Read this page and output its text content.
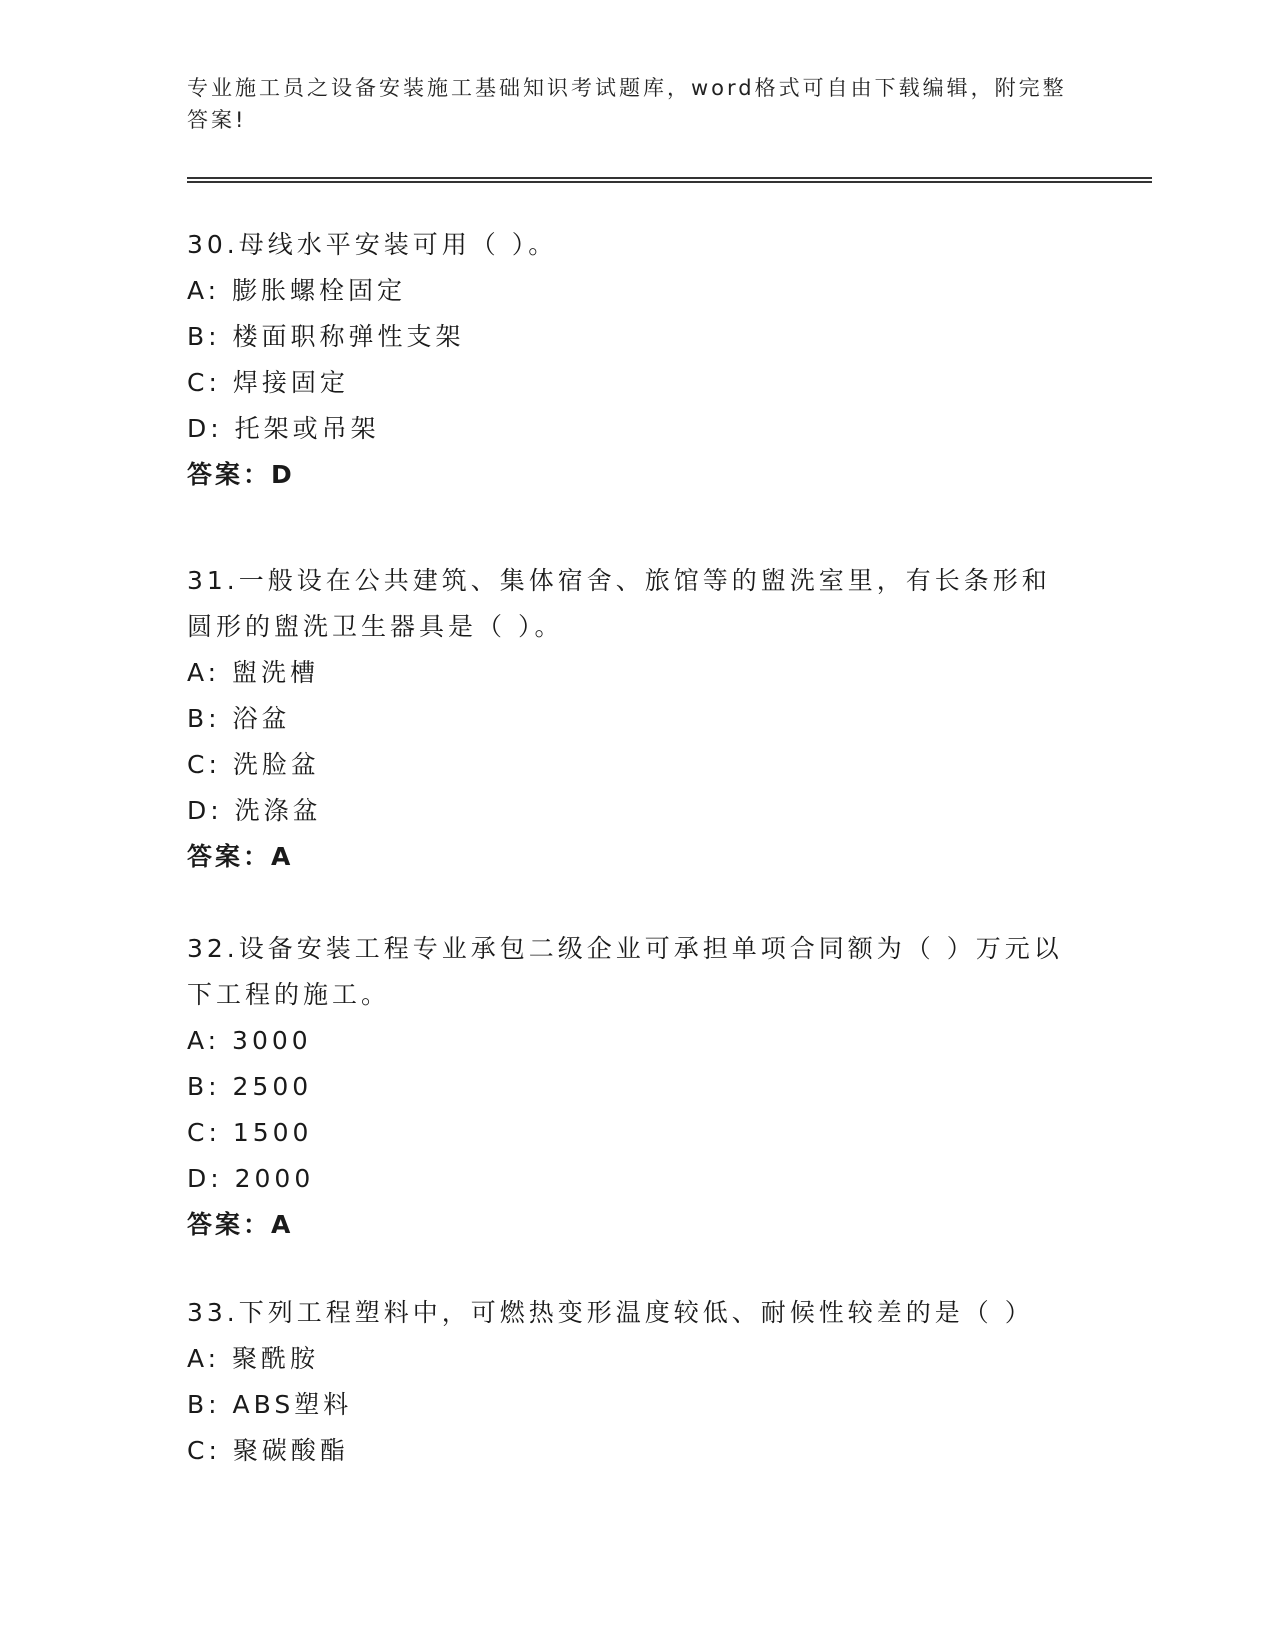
专业施工员之设备安装施工基础知识考试题库，word格式可自由下载编辑，附完整答案!
30.母线水平安装可用（ ）。
A: 膨胀螺栓固定
B: 楼面职称弹性支架
C: 焊接固定
D: 托架或吊架
答案：D
31.一般设在公共建筑、集体宿舍、旅馆等的盥洗室里，有长条形和圆形的盥洗卫生器具是（ ）。
A: 盥洗槽
B: 浴盆
C: 洗脸盆
D: 洗涤盆
答案：A
32.设备安装工程专业承包二级企业可承担单项合同额为（ ）万元以下工程的施工。
A: 3000
B: 2500
C: 1500
D: 2000
答案：A
33.下列工程塑料中，可燃热变形温度较低、耐候性较差的是（ ）
A: 聚酰胺
B: ABS塑料
C: 聚碳酸酯
